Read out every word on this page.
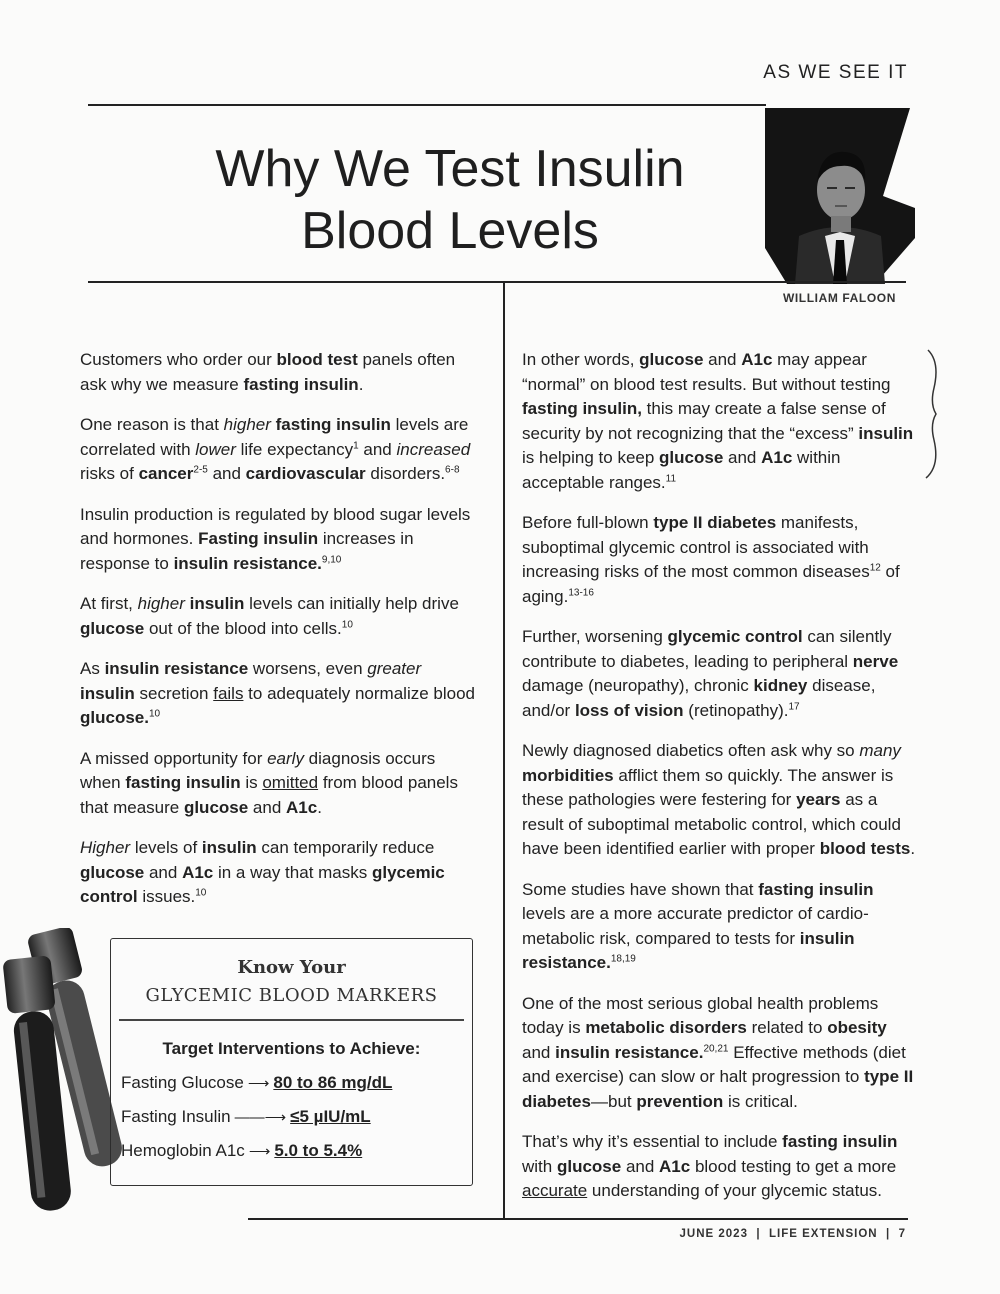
AS WE SEE IT
Why We Test Insulin
Blood Levels
WILLIAM FALOON

Customers who order our blood test panels often ask why we measure fasting insulin.

One reason is that higher fasting insulin levels are correlated with lower life expectancy$^1$ and increased risks of cancer$^{2-5}$ and cardiovascular disorders.$^{6-8}$

Insulin production is regulated by blood sugar levels and hormones. Fasting insulin increases in response to insulin resistance.$^{9,10}$

At first, higher insulin levels can initially help drive glucose out of the blood into cells.$^{10}$

As insulin resistance worsens, even greater insulin secretion fails to adequately normalize blood glucose.$^{10}$

A missed opportunity for early diagnosis occurs when fasting insulin is omitted from blood panels that measure glucose and A1c.

Higher levels of insulin can temporarily reduce glucose and A1c in a way that masks glycemic control issues.$^{10}$

In other words, glucose and A1c may appear “normal” on blood test results. But without testing fasting insulin, this may create a false sense of security by not recognizing that the “excess” insulin is helping to keep glucose and A1c within acceptable ranges.$^{11}$

Before full-blown type II diabetes manifests, suboptimal glycemic control is associated with increasing risks of the most common diseases$^{12}$ of aging.$^{13-16}$

Further, worsening glycemic control can silently contribute to diabetes, leading to peripheral nerve damage (neuropathy), chronic kidney disease, and/or loss of vision (retinopathy).$^{17}$

Newly diagnosed diabetics often ask why so many morbidities afflict them so quickly. The answer is these pathologies were festering for years as a result of suboptimal metabolic control, which could have been identified earlier with proper blood tests.

Some studies have shown that fasting insulin levels are a more accurate predictor of cardio-metabolic risk, compared to tests for insulin resistance.$^{18,19}$

One of the most serious global health problems today is metabolic disorders related to obesity and insulin resistance.$^{20,21}$ Effective methods (diet and exercise) can slow or halt progression to type II diabetes—but prevention is critical.

That’s why it’s essential to include fasting insulin with glucose and A1c blood testing to get a more accurate understanding of your glycemic status.

Know Your
GLYCEMIC BLOOD MARKERS
Target Interventions to Achieve:
Fasting Glucose ⟶ 80 to 86 mg/dL
Fasting Insulin ——⟶ ≤5 µIU/mL
Hemoglobin A1c ⟶ 5.0 to 5.4%
JUNE 2023  |  LIFE EXTENSION  |  7
